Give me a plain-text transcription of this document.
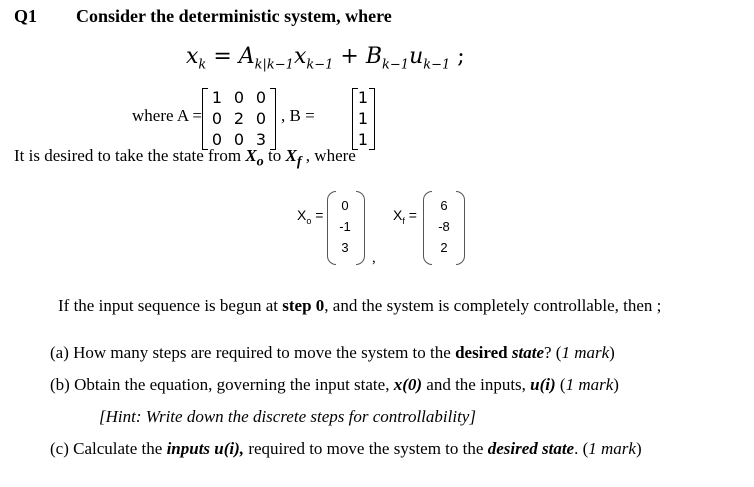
Q1 Consider the deterministic system, where
$x_k = A_{k|k-1}x_{k-1} + B_{k-1}u_{k-1}$ ;
where A =
1 0 0
0 2 0
0 0 3
, B =
1
1
1
It is desired to take the state from $X_o$ to $X_f$ , where
$X_o$ =
0
-1
3
,
$X_f$ =
6
-8
2
If the input sequence is begun at step 0, and the system is completely controllable, then ;
(a) How many steps are required to move the system to the desired state? (1 mark)
(b) Obtain the equation, governing the input state, x(0) and the inputs, u(i) (1 mark)
[Hint: Write down the discrete steps for controllability]
(c) Calculate the inputs u(i), required to move the system to the desired state. (1 mark)
